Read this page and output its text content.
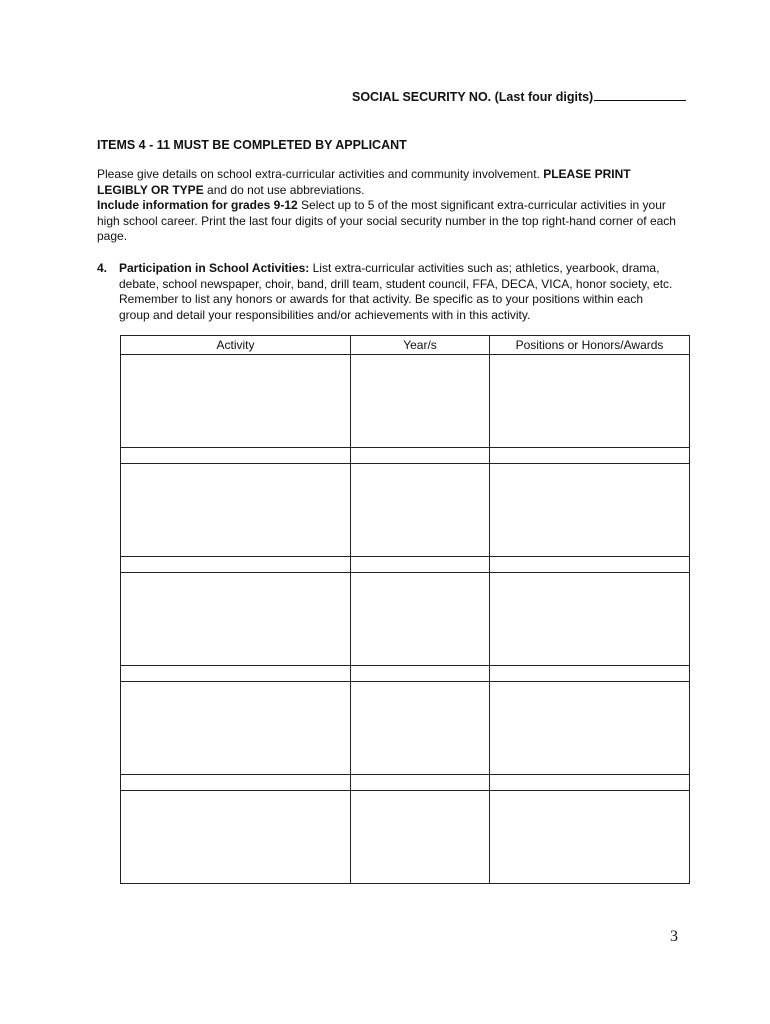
SOCIAL SECURITY NO. (Last four digits)
ITEMS 4 - 11 MUST BE COMPLETED BY APPLICANT

Please give details on school extra-curricular activities and community involvement. PLEASE PRINT LEGIBLY OR TYPE and do not use abbreviations.

Include information for grades 9-12 Select up to 5 of the most significant extra-curricular activities in your high school career. Print the last four digits of your social security number in the top right-hand corner of each page.

4. Participation in School Activities: List extra-curricular activities such as; athletics, yearbook, drama, debate, school newspaper, choir, band, drill team, student council, FFA, DECA, VICA, honor society, etc. Remember to list any honors or awards for that activity. Be specific as to your positions within each group and detail your responsibilities and/or achievements with in this activity.
Activity	Year/s	Positions or Honors/Awards

3
